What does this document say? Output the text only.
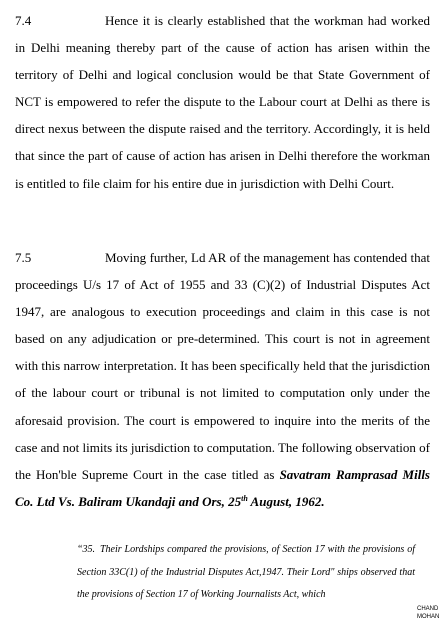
7.4	Hence it is clearly established that the workman had worked in Delhi meaning thereby part of the cause of action has arisen within the territory of Delhi and logical conclusion would be that State Government of NCT is empowered to refer the dispute to the Labour court at Delhi as there is direct nexus between the dispute raised and the territory. Accordingly, it is held that since the part of cause of action has arisen in Delhi therefore the workman is entitled to file claim for his entire due in jurisdiction with Delhi Court.

7.5	Moving further, Ld AR of the management has contended that proceedings U/s 17 of Act of 1955 and 33 (C)(2) of Industrial Disputes Act 1947, are analogous to execution proceedings and claim in this case is not based on any adjudication or pre-determined. This court is not in agreement with this narrow interpretation. It has been specifically held that the jurisdiction of the labour court or tribunal is not limited to computation only under the aforesaid provision. The court is empowered to inquire into the merits of the case and not limits its jurisdiction to computation. The following observation of the Hon'ble Supreme Court in the case titled as Savatram Ramprasad Mills Co. Ltd Vs. Baliram Ukandaji and Ors, 25th August, 1962.

“35. Their Lordships compared the provisions, of Section 17 with the provisions of Section 33C(1) of the Industrial Disputes Act,1947. Their Lord" ships observed that the provisions of Section 17 of Working Journalists Act, which

CHAND
MOHAN
